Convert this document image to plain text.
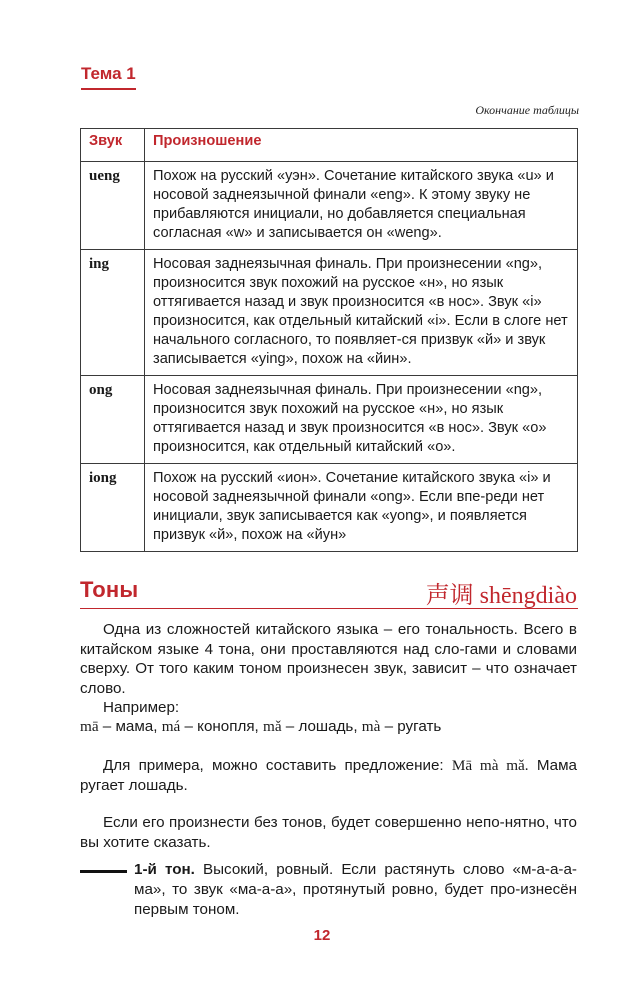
Тема 1
Окончание таблицы
Звук	Произношение
ueng	Похож на русский «уэн». Сочетание китайского звука «u» и носовой заднеязычной финали «eng». К этому звуку не прибавляются инициали, но добавляется специальная согласная «w» и записывается он «weng».
ing	Носовая заднеязычная финаль. При произнесении «ng», произносится звук похожий на русское «н», но язык оттягивается назад и звук произносится «в нос». Звук «i» произносится, как отдельный китайский «i». Если в слоге нет начального согласного, то появляет-ся призвук «й» и звук записывается «ying», похож на «йин».
ong	Носовая заднеязычная финаль. При произнесении «ng», произносится звук похожий на русское «н», но язык оттягивается назад и звук произносится «в нос». Звук «o» произносится, как отдельный китайский «o».
iong	Похож на русский «ион». Сочетание китайского звука «i» и носовой заднеязычной финали «ong». Если впе-реди нет инициали, звук записывается как «yong», и появляется призвук «й», похож на «йун»
Тоны	声调 shēngdiào
Одна из сложностей китайского языка – его тональность. Всего в китайском языке 4 тона, они проставляются над сло-гами и словами сверху. От того каким тоном произнесен звук, зависит – что означает слово.
Например:
mā – мама, má – конопля, mǎ – лошадь, mà – ругать
Для примера, можно составить предложение: Mā mà mǎ. Мама ругает лошадь.
Если его произнести без тонов, будет совершенно непо-нятно, что вы хотите сказать.
1-й тон. Высокий, ровный. Если растянуть слово «м-а-а-а-ма», то звук «ма-а-а», протянутый ровно, будет про-изнесён первым тоном.
12
